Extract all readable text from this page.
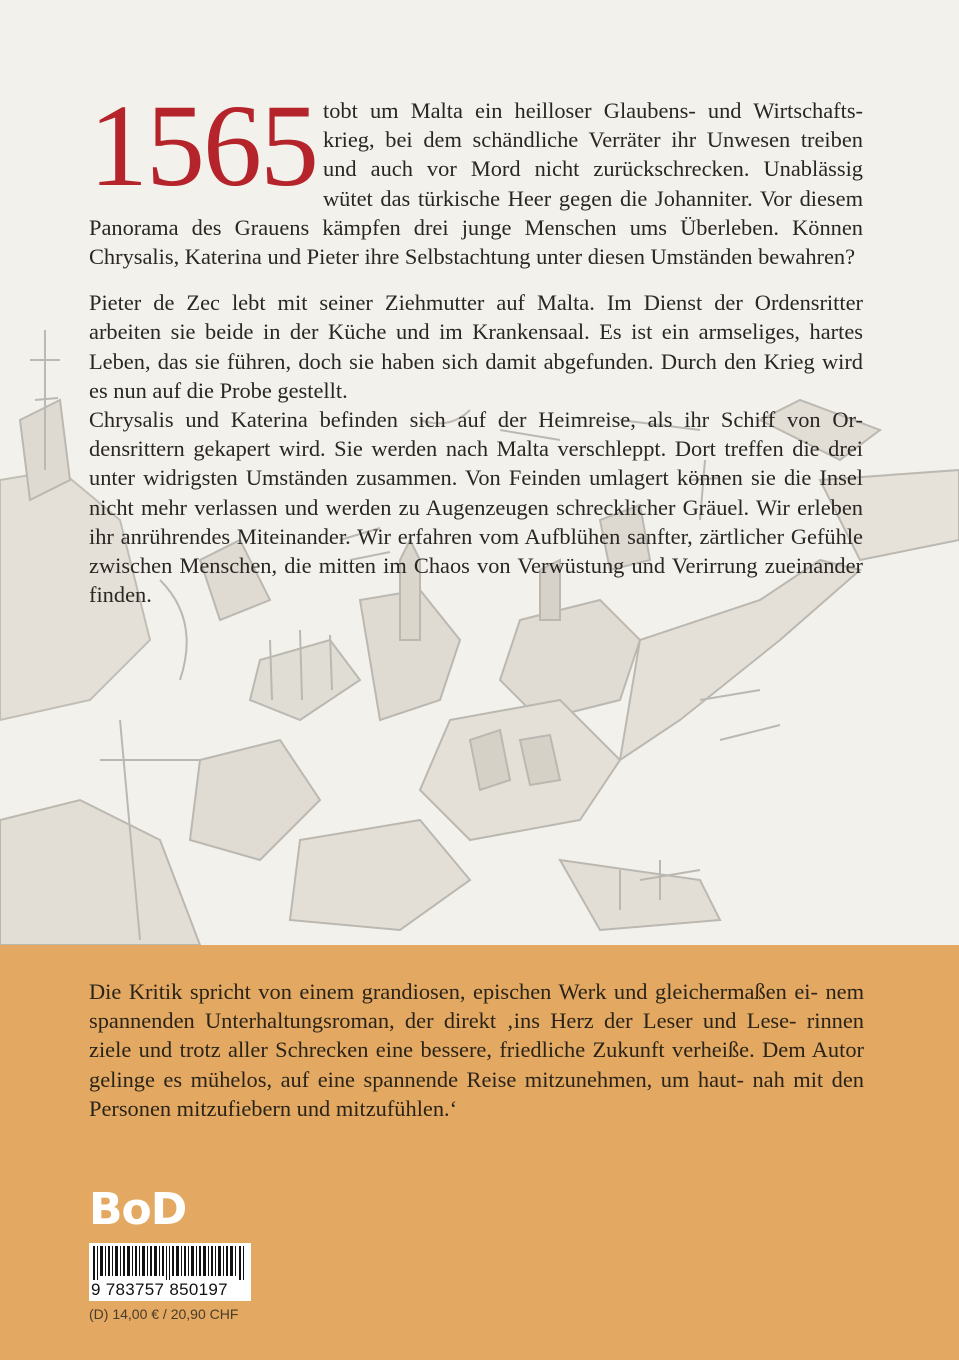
1565 tobt um Malta ein heilloser Glaubens- und Wirtschafts- krieg, bei dem schändliche Verräter ihr Unwesen treiben und auch vor Mord nicht zurückschrecken. Unablässig wütet das türkische Heer gegen die Johanniter. Vor diesem Panorama des Grauens kämpfen drei junge Menschen ums Überleben. Können Chrysalis, Katerina und Pieter ihre Selbstachtung unter diesen Umständen bewahren?

Pieter de Zec lebt mit seiner Ziehmutter auf Malta. Im Dienst der Ordensritter arbeiten sie beide in der Küche und im Krankensaal. Es ist ein armseliges, hartes Leben, das sie führen, doch sie haben sich damit abgefunden. Durch den Krieg wird es nun auf die Probe gestellt.

Chrysalis und Katerina befinden sich auf der Heimreise, als ihr Schiff von Or- densrittern gekapert wird. Sie werden nach Malta verschleppt. Dort treffen die drei unter widrigsten Umständen zusammen. Von Feinden umlagert können sie die Insel nicht mehr verlassen und werden zu Augenzeugen schrecklicher Gräuel. Wir erleben ihr anrührendes Miteinander. Wir erfahren vom Aufblühen sanfter, zärtlicher Gefühle zwischen Menschen, die mitten im Chaos von Verwüstung und Verirrung zueinander finden.

Die Kritik spricht von einem grandiosen, epischen Werk und gleichermaßen ei- nem spannenden Unterhaltungsroman, der direkt ‚ins Herz der Leser und Lese- rinnen ziele und trotz aller Schrecken eine bessere, friedliche Zukunft verheiße. Dem Autor gelinge es mühelos, auf eine spannende Reise mitzunehmen, um haut- nah mit den Personen mitzufiebern und mitzufühlen.‘

BoD
9 783757 850197
(D) 14,00 € / 20,90 CHF
